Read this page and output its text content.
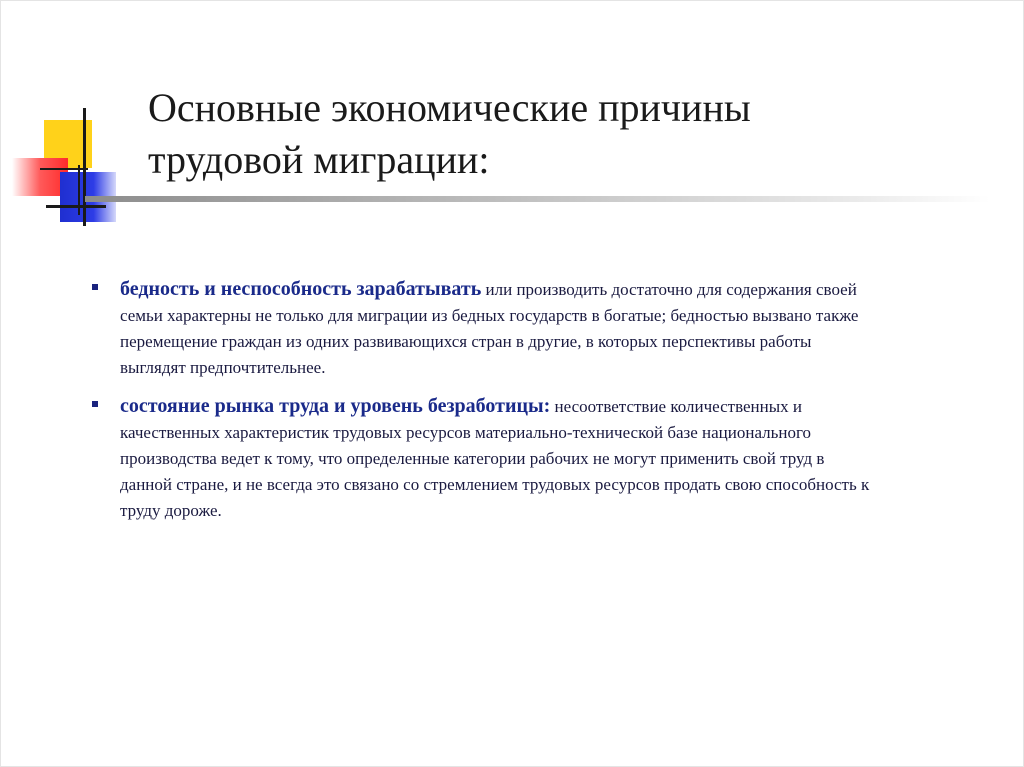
Основные экономические причины
трудовой миграции:
бедность и неспособность зарабатывать или производить достаточно для содержания своей семьи характерны не только для миграции из бедных государств в богатые; бедностью вызвано также перемещение граждан из одних развивающихся стран в другие, в которых перспективы работы выглядят предпочтительнее.
состояние рынка труда и уровень безработицы: несоответствие количественных и качественных характеристик трудовых ресурсов материально-технической базе национального производства ведет к тому, что определенные категории рабочих не могут применить свой труд в данной стране, и не всегда это связано со стремлением трудовых ресурсов продать свою способность к труду дороже.
